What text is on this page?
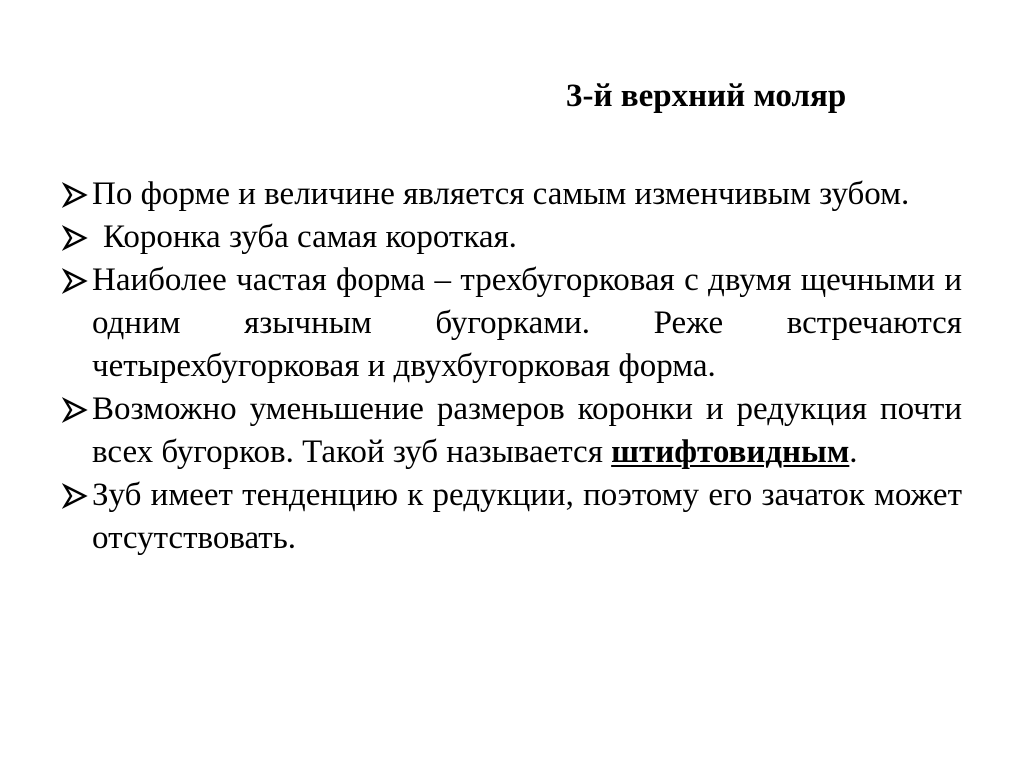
3-й верхний моляр
По форме и величине является самым изменчивым зубом.
Коронка зуба самая короткая.
Наиболее частая форма – трехбугорковая с двумя щечными и одним язычным бугорками. Реже встречаются четырехбугорковая и двухбугорковая форма.
Возможно уменьшение размеров коронки и редукция почти всех бугорков. Такой зуб называется штифтовидным.
Зуб имеет тенденцию к редукции, поэтому его зачаток может отсутствовать.
